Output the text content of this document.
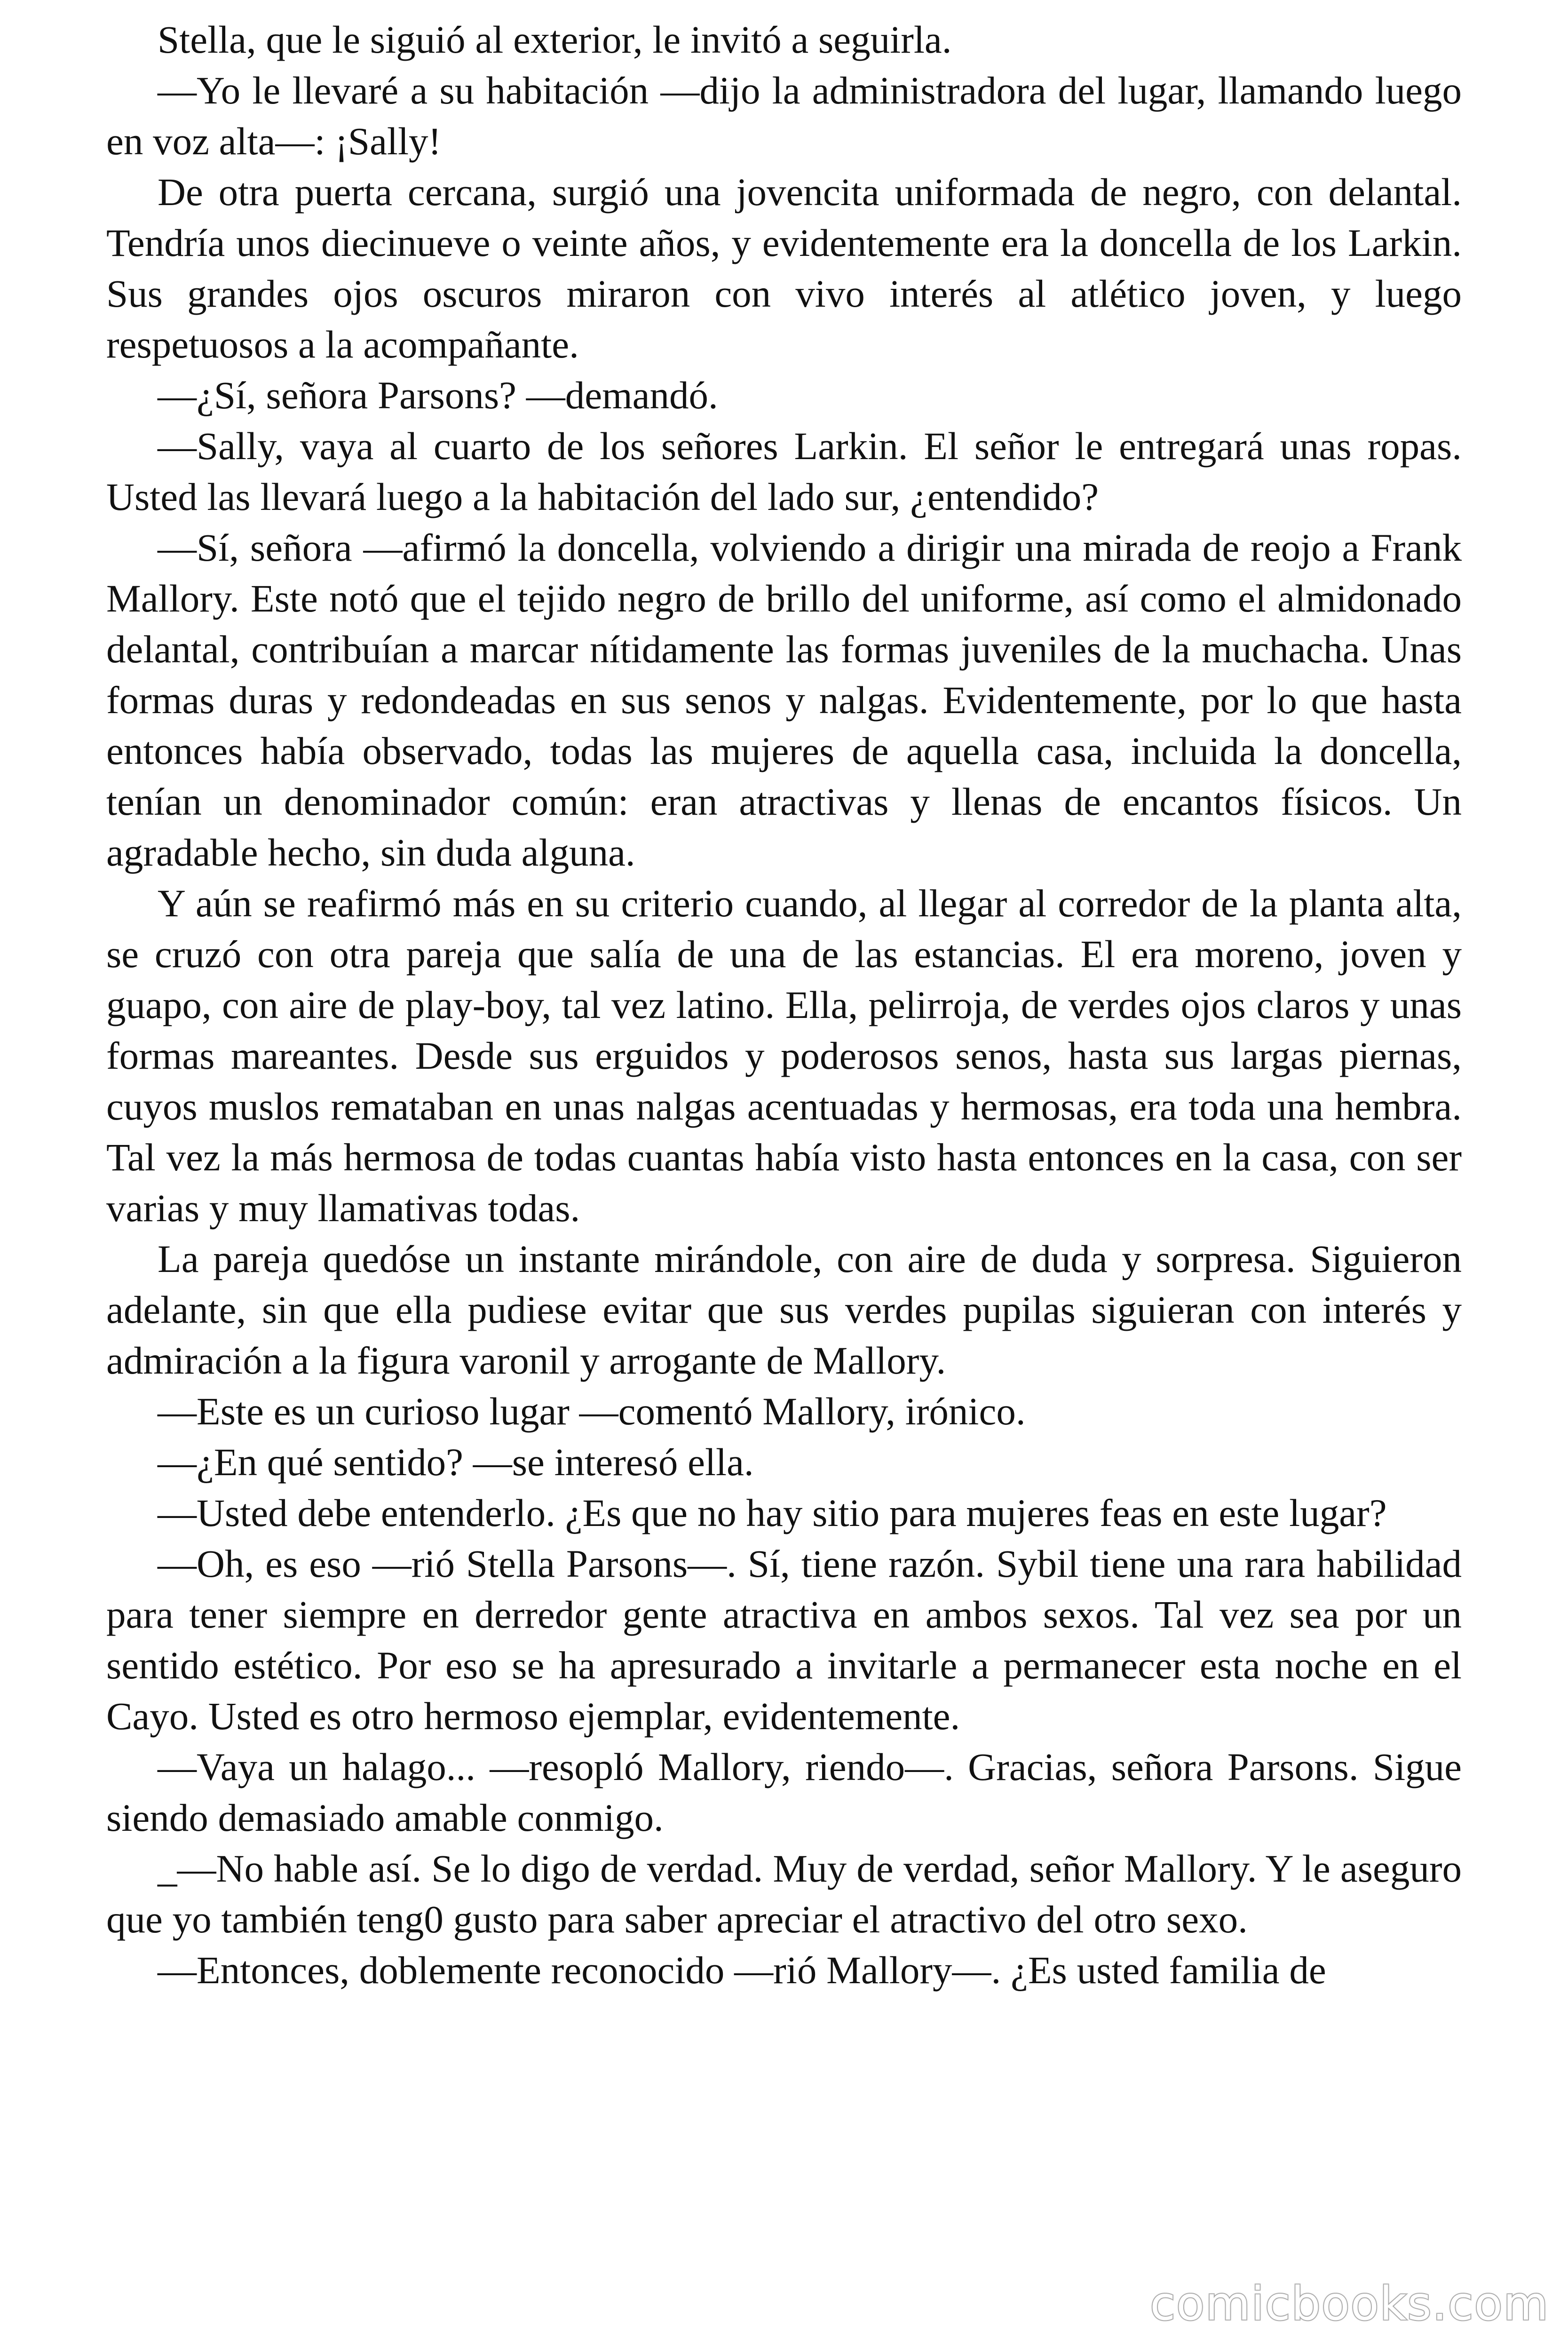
Stella, que le siguió al exterior, le invitó a seguirla.

—Yo le llevaré a su habitación —dijo la administradora del lugar, llamando luego en voz alta—: ¡Sally!

De otra puerta cercana, surgió una jovencita uniformada de negro, con delantal. Tendría unos diecinueve o veinte años, y evidentemente era la doncella de los Larkin. Sus grandes ojos oscuros miraron con vivo interés al atlético joven, y luego respetuosos a la acompañante.

—¿Sí, señora Parsons? —demandó.

—Sally, vaya al cuarto de los señores Larkin. El señor le entregará unas ropas. Usted las llevará luego a la habitación del lado sur, ¿entendido?

—Sí, señora —afirmó la doncella, volviendo a dirigir una mirada de reojo a Frank Mallory. Este notó que el tejido negro de brillo del uniforme, así como el almidonado delantal, contribuían a marcar nítidamente las formas juveniles de la muchacha. Unas formas duras y redondeadas en sus senos y nalgas. Evidentemente, por lo que hasta entonces había observado, todas las mujeres de aquella casa, incluida la doncella, tenían un denominador común: eran atractivas y llenas de encantos físicos. Un agradable hecho, sin duda alguna.

Y aún se reafirmó más en su criterio cuando, al llegar al corredor de la planta alta, se cruzó con otra pareja que salía de una de las estancias. El era moreno, joven y guapo, con aire de play-boy, tal vez latino. Ella, pelirroja, de verdes ojos claros y unas formas mareantes. Desde sus erguidos y poderosos senos, hasta sus largas piernas, cuyos muslos remataban en unas nalgas acentuadas y hermosas, era toda una hembra. Tal vez la más hermosa de todas cuantas había visto hasta entonces en la casa, con ser varias y muy llamativas todas.

La pareja quedóse un instante mirándole, con aire de duda y sorpresa. Siguieron adelante, sin que ella pudiese evitar que sus verdes pupilas siguieran con interés y admiración a la figura varonil y arrogante de Mallory.

—Este es un curioso lugar —comentó Mallory, irónico.

—¿En qué sentido? —se interesó ella.

—Usted debe entenderlo. ¿Es que no hay sitio para mujeres feas en este lugar?

—Oh, es eso —rió Stella Parsons—. Sí, tiene razón. Sybil tiene una rara habilidad para tener siempre en derredor gente atractiva en ambos sexos. Tal vez sea por un sentido estético. Por eso se ha apresurado a invitarle a permanecer esta noche en el Cayo. Usted es otro hermoso ejemplar, evidentemente.

—Vaya un halago... —resopló Mallory, riendo—. Gracias, señora Parsons. Sigue siendo demasiado amable conmigo.

_—No hable así. Se lo digo de verdad. Muy de verdad, señor Mallory. Y le aseguro que yo también teng0 gusto para saber apreciar el atractivo del otro sexo.

—Entonces, doblemente reconocido —rió Mallory—. ¿Es usted familia de

comicbooks.com
